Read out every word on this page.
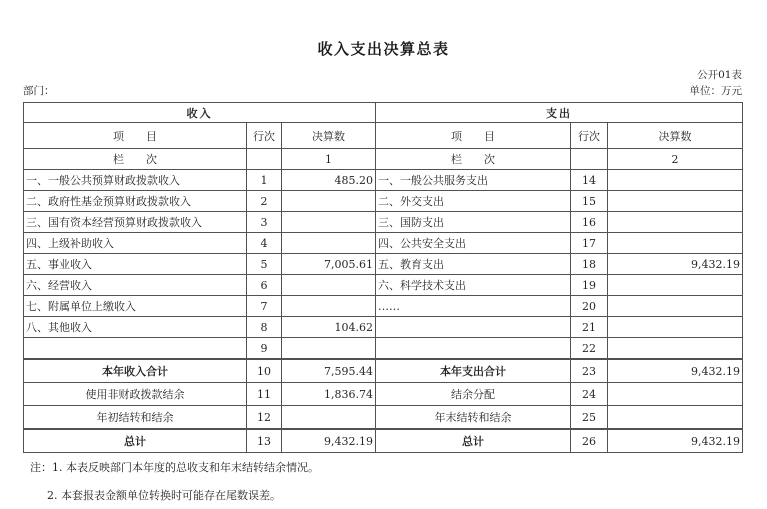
收入支出决算总表
公开01表
部门：	单位：万元
收入			支出		
项　　目	行次	决算数	项　　目	行次	决算数
栏　　次		1	栏　　次		2
一、一般公共预算财政拨款收入	1	485.20	一、一般公共服务支出	14	
二、政府性基金预算财政拨款收入	2		二、外交支出	15	
三、国有资本经营预算财政拨款收入	3		三、国防支出	16	
四、上级补助收入	4		四、公共安全支出	17	
五、事业收入	5	7,005.61	五、教育支出	18	9,432.19
六、经营收入	6		六、科学技术支出	19	
七、附属单位上缴收入	7		……	20	
八、其他收入	8	104.62		21	
	9			22	
本年收入合计	10	7,595.44	本年支出合计	23	9,432.19
使用非财政拨款结余	11	1,836.74	结余分配	24	
年初结转和结余	12		年末结转和结余	25	
总计	13	9,432.19	总计	26	9,432.19
注：1. 本表反映部门本年度的总收支和年末结转结余情况。
2. 本套报表金额单位转换时可能存在尾数误差。
